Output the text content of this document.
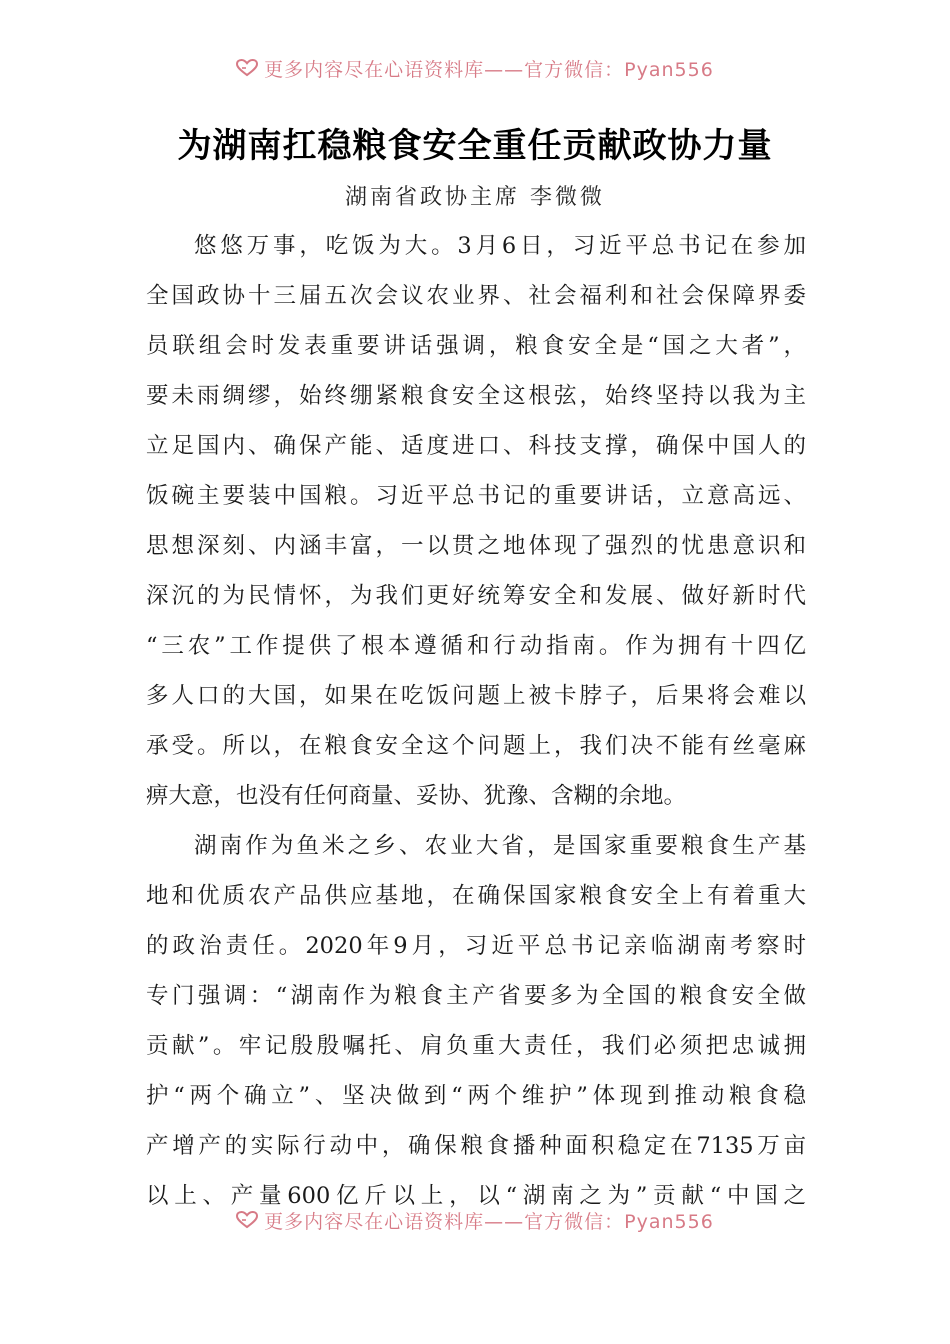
更多内容尽在心语资料库——官方微信：Pyan556
为湖南扛稳粮食安全重任贡献政协力量
湖南省政协主席 李微微
悠悠万事，吃饭为大。3月6日，习近平总书记在参加
全国政协十三届五次会议农业界、社会福利和社会保障界委
员联组会时发表重要讲话强调，粮食安全是“国之大者”，
要未雨绸缪，始终绷紧粮食安全这根弦，始终坚持以我为主
立足国内、确保产能、适度进口、科技支撑，确保中国人的
饭碗主要装中国粮。习近平总书记的重要讲话，立意高远、
思想深刻、内涵丰富，一以贯之地体现了强烈的忧患意识和
深沉的为民情怀，为我们更好统筹安全和发展、做好新时代
“三农”工作提供了根本遵循和行动指南。作为拥有十四亿
多人口的大国，如果在吃饭问题上被卡脖子，后果将会难以
承受。所以，在粮食安全这个问题上，我们决不能有丝毫麻
痹大意，也没有任何商量、妥协、犹豫、含糊的余地。
湖南作为鱼米之乡、农业大省，是国家重要粮食生产基
地和优质农产品供应基地，在确保国家粮食安全上有着重大
的政治责任。2020年9月，习近平总书记亲临湖南考察时
专门强调：“湖南作为粮食主产省要多为全国的粮食安全做
贡献”。牢记殷殷嘱托、肩负重大责任，我们必须把忠诚拥
护“两个确立”、坚决做到“两个维护”体现到推动粮食稳
产增产的实际行动中，确保粮食播种面积稳定在7135万亩
以上、产量600亿斤以上，以“湖南之为”贡献“中国之
更多内容尽在心语资料库——官方微信：Pyan556
